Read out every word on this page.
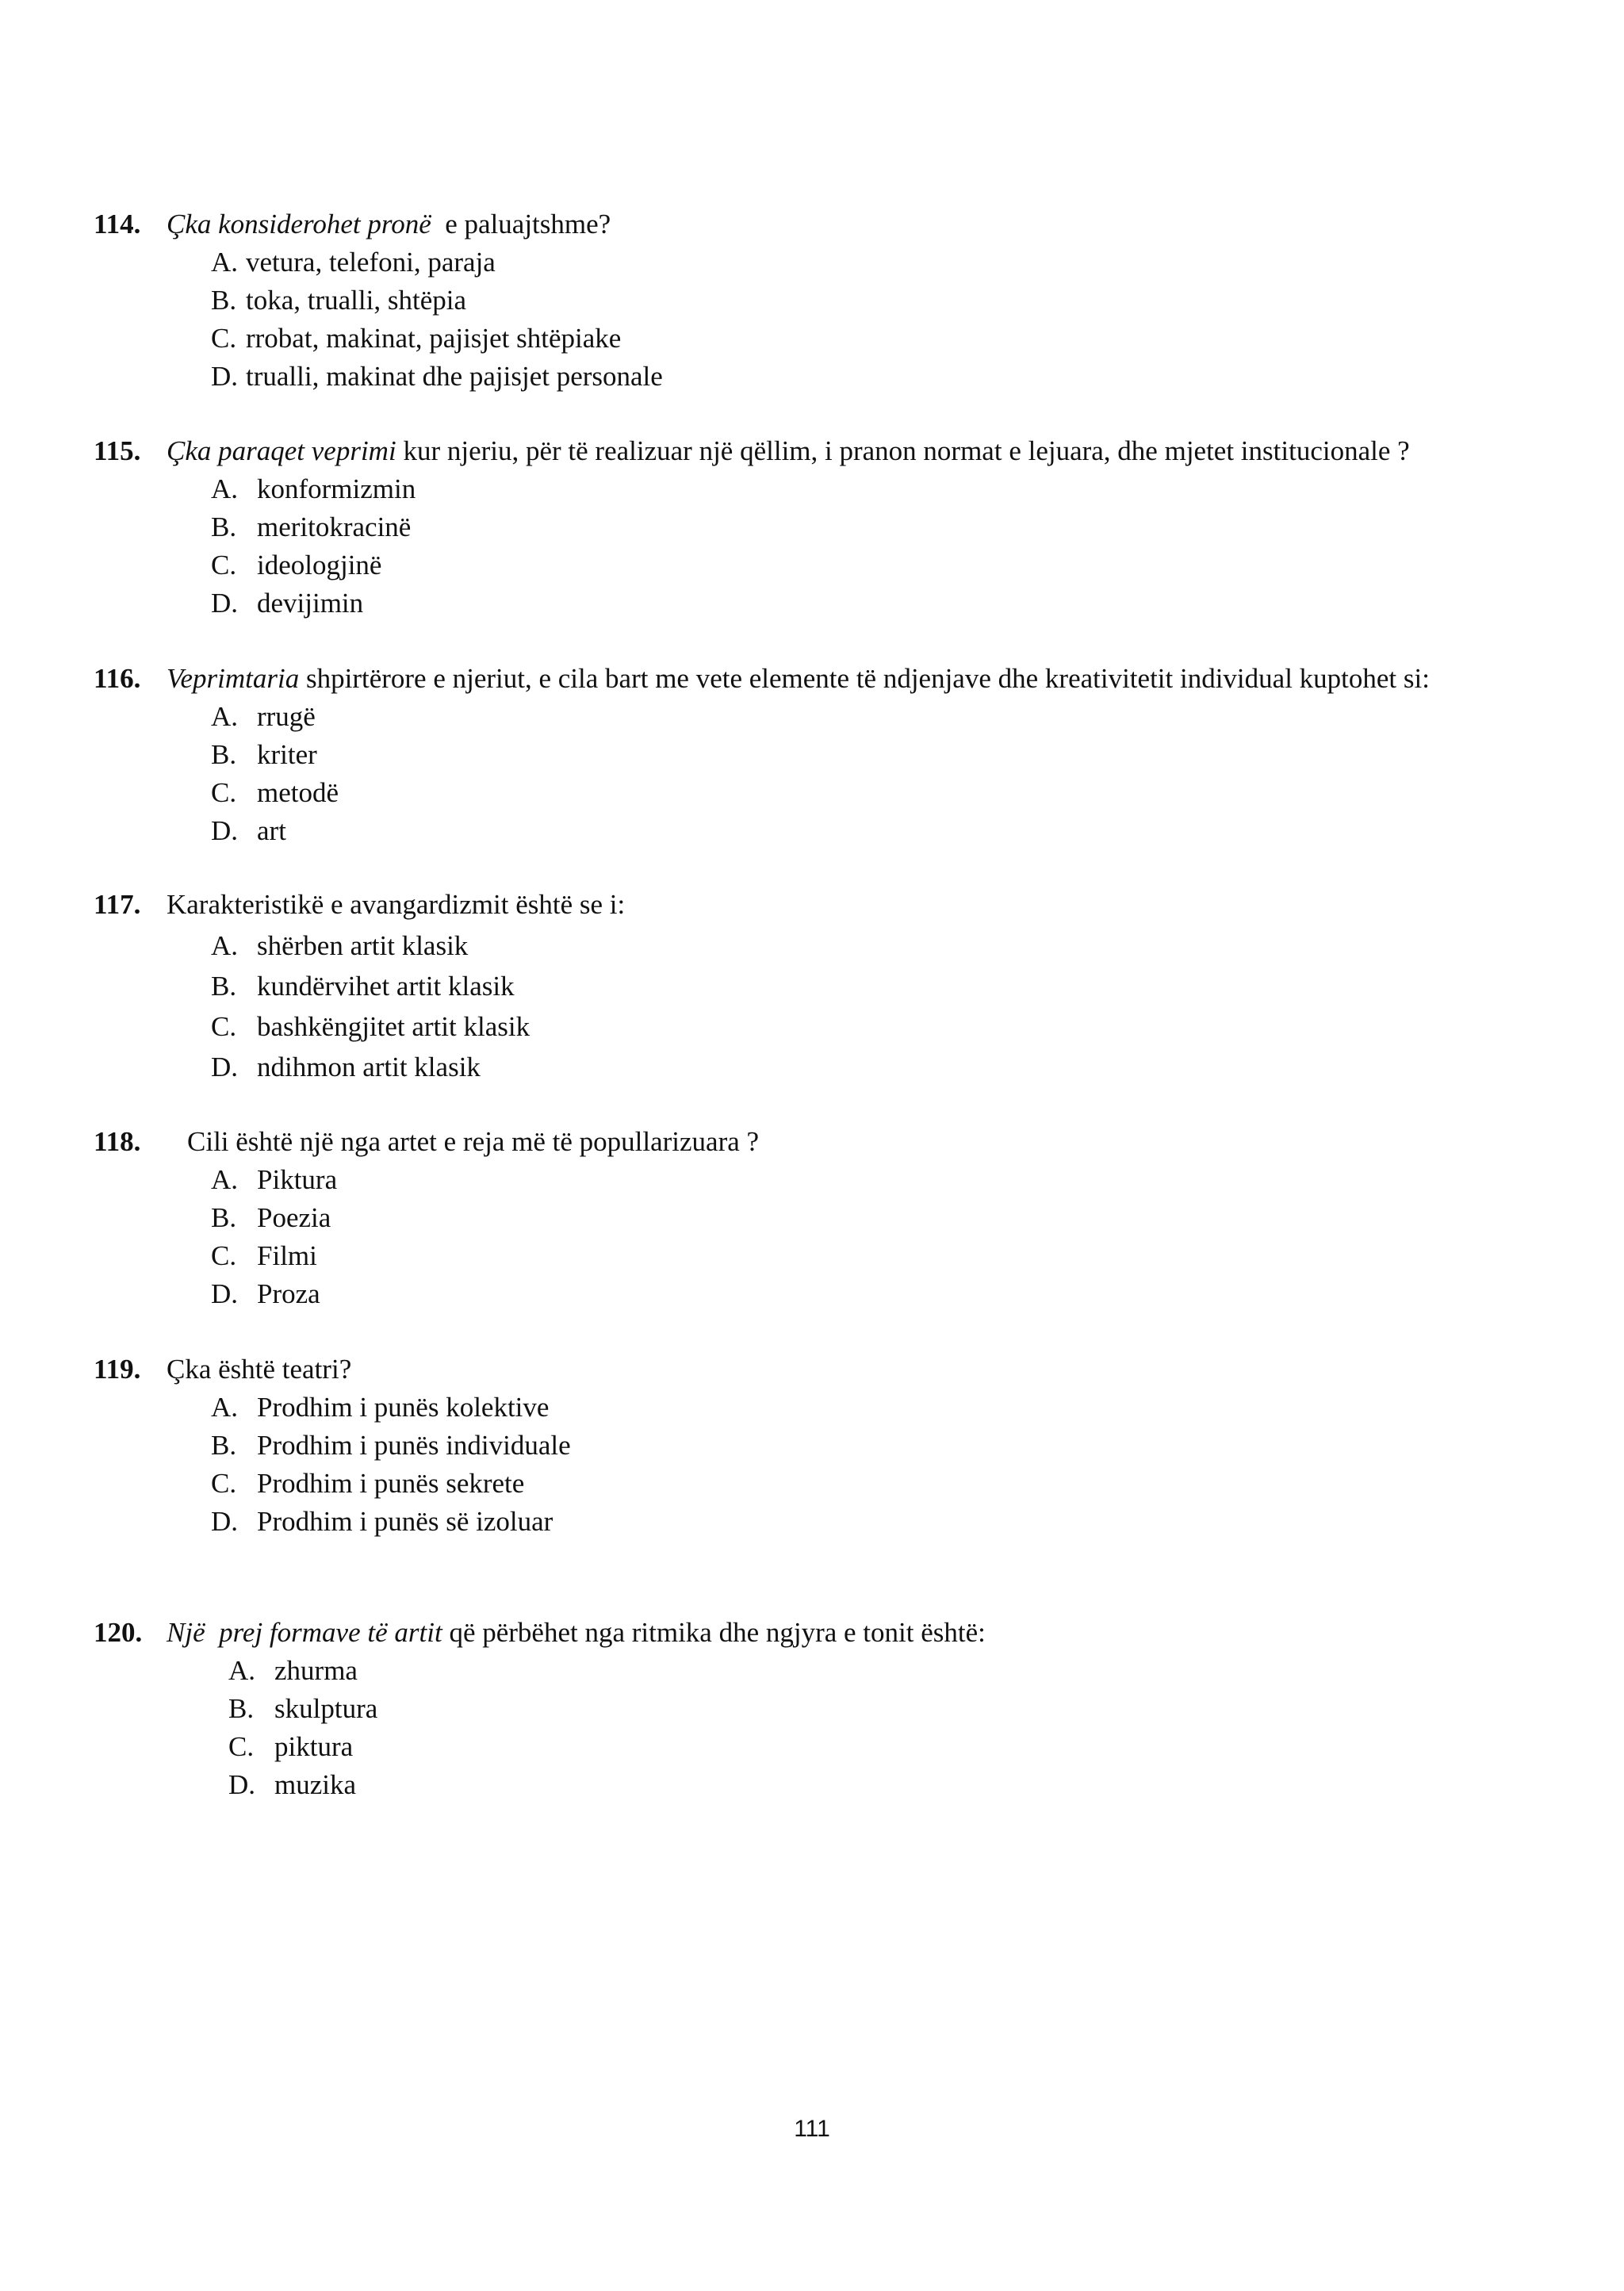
114. Çka konsiderohet pronë  e paluajtshme?
A. vetura, telefoni, paraja
B. toka, trualli, shtëpia
C. rrobat, makinat, pajisjet shtëpiake
D. trualli, makinat dhe pajisjet personale
115. Çka paraqet veprimi kur njeriu, për të realizuar një qëllim, i pranon normat e lejuara, dhe mjetet institucionale ?
A. konformizmin
B. meritokracinë
C. ideologjinë
D. devijimin
116. Veprimtaria shpirtërore e njeriut, e cila bart me vete elemente të ndjenjave dhe kreativitetit individual kuptohet si:
A. rrugë
B. kriter
C. metodë
D. art
117. Karakteristikë e avangardizmit është se i:
A. shërben artit klasik
B. kundërvihet artit klasik
C. bashkëngjitet artit klasik
D. ndihmon artit klasik
118. Cili është një nga artet e reja më të popullarizuara ?
A. Piktura
B. Poezia
C. Filmi
D. Proza
119. Çka është teatri?
A. Prodhim i punës kolektive
B. Prodhim i punës individuale
C. Prodhim i punës sekrete
D. Prodhim i punës së izoluar
120. Një  prej formave të artit që përbëhet nga ritmika dhe ngjyra e tonit është:
A. zhurma
B. skulptura
C. piktura
D. muzika
111
